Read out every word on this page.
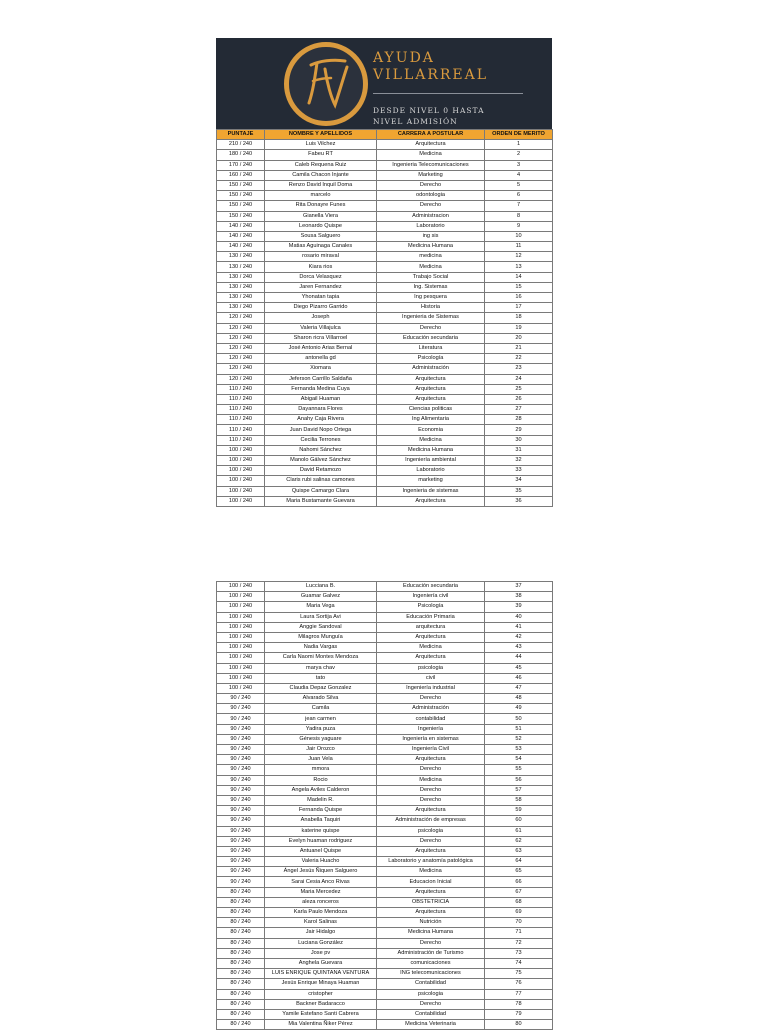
AYUDA
VILLARREAL
DESDE NIVEL 0 HASTA
NIVEL ADMISIÓN
PUNTAJE	NOMBRE Y APELLIDOS	CARRERA A POSTULAR	ORDEN DE MERITO
210 / 240	Luis Vilchez	Arquitectura	1
180 / 240	Fabeu RT	Medicina	2
170 / 240	Caleb Requena Ruiz	Ingenieria Telecomunicaciones	3
160 / 240	Camila Chacon Injante	Marketing	4
150 / 240	Renzo David Inquil Doma	Derecho	5
150 / 240	marcelo	odontologia	6
150 / 240	Rita Donayre Funes	Derecho	7
150 / 240	Gianella Viera	Administracion	8
140 / 240	Leonardo Quispe	Laboratorio	9
140 / 240	Sousa Salguero	ing sis	10
140 / 240	Matias Aguinaga Canales	Medicina Humana	11
130 / 240	rosario miraval	medicina	12
130 / 240	Kiara rios	Medicina	13
130 / 240	Dorca Velasquez	Trabajo Social	14
130 / 240	Jaren Fernandez	Ing. Sistemas	15
130 / 240	Yhonatan tapia	Ing pesquera	16
130 / 240	Diego Pizarro Garrido	Historia	17
120 / 240	Joseph	Ingenieria de Sistemas	18
120 / 240	Valeria Villajulca	Derecho	19
120 / 240	Sharon ricra Villarroel	Educación secundaria	20
120 / 240	José Antonio Arias Bernal	Literatura	21
120 / 240	antonella gd	Psicología	22
120 / 240	Xiomara	Administración	23
120 / 240	Jeferson Carrillo Saldaña	Arquitectura	24
110 / 240	Fernanda Medina Cuya	Arquitectura	25
110 / 240	Abigail Huaman	Arquitectura	26
110 / 240	Dayannara Flores	Ciencias politicas	27
110 / 240	Anahy Caja Rivera	Ing Alimentaria	28
110 / 240	Juan David Nopo Ortega	Economia	29
110 / 240	Cecilia Terrones	Medicina	30
100 / 240	Nahomi Sánchez	Medicina Humana	31
100 / 240	Manolo Gálvez Sánchez	Ingeniería ambiental	32
100 / 240	David Retamozo	Laboratorio	33
100 / 240	Claris rubi salinas camones	marketing	34
100 / 240	Quispe Camargo Clara	Ingenieria de sistemas	35
100 / 240	Maria Bustamante Guevara	Arquitectura	36
100 / 240	Lucciana B.	Educación secundaria	37
100 / 240	Guamar Galvez	Ingeniería civil	38
100 / 240	Maria Vega	Psicología	39
100 / 240	Laura Sortija Avi	Educación Primaria	40
100 / 240	Anggie Sandoval	arquitectura	41
100 / 240	Milagros Munguía	Arquitectura	42
100 / 240	Nadia Vargas	Medicina	43
100 / 240	Carla Naomi Montes Mendoza	Arquitectura	44
100 / 240	marya chav	psicologia	45
100 / 240	tato	civil	46
100 / 240	Claudia Depaz Gonzalez	Ingeniería industrial	47
90 / 240	Alvarado Silva	Derecho	48
90 / 240	Camila	Administración	49
90 / 240	jean carmen	contabilidad	50
90 / 240	Yadira puza	Ingeniería	51
90 / 240	Génesis yaguare	Ingeniería en sistemas	52
90 / 240	Jair Orozco	Ingeniería Civil	53
90 / 240	Juan Vela	Arquitectura	54
90 / 240	mmora	Derecho	55
90 / 240	Rocio	Medicina	56
90 / 240	Angela Aviles Calderon	Derecho	57
90 / 240	Madelin R.	Derecho	58
90 / 240	Fernanda Quispe	Arquitectura	59
90 / 240	Anabella Taquiri	Administración de empresas	60
90 / 240	katerine quispe	psicologia	61
90 / 240	Evelyn huaman rodriguez	Derecho	62
90 / 240	Antuanel Quispe	Arquitectura	63
90 / 240	Valeria Huacho	Laboratorio y anatomía patológica	64
90 / 240	Ángel Jesús Ñiquen Salguero	Medicina	65
90 / 240	Sarai Cesia Anco Rivas	Educacion Inicial	66
80 / 240	Maria Mercedez	Arquitectura	67
80 / 240	aleza ronceros	OBSTETRICIA	68
80 / 240	Karla Paulo Mendoza	Arquitectura	69
80 / 240	Karol Salinas	Nutrición	70
80 / 240	Jair Hidalgo	Medicina Humana	71
80 / 240	Luciana González	Derecho	72
80 / 240	Jose pv	Administración de Turismo	73
80 / 240	Anghela Guevara	comunicaciones	74
80 / 240	LUIS ENRIQUE QUINTANA VENTURA	ING telecomunicaciones	75
80 / 240	Jesús Enrique Minaya Huaman	Contabilidad	76
80 / 240	cristopher	psicologia	77
80 / 240	Backner Badaracco	Derecho	78
80 / 240	Yamile Estefano Santi Cabrera	Contabilidad	79
80 / 240	Mia Valentina Ñiker Pérez	Medicina Veterinaria	80
